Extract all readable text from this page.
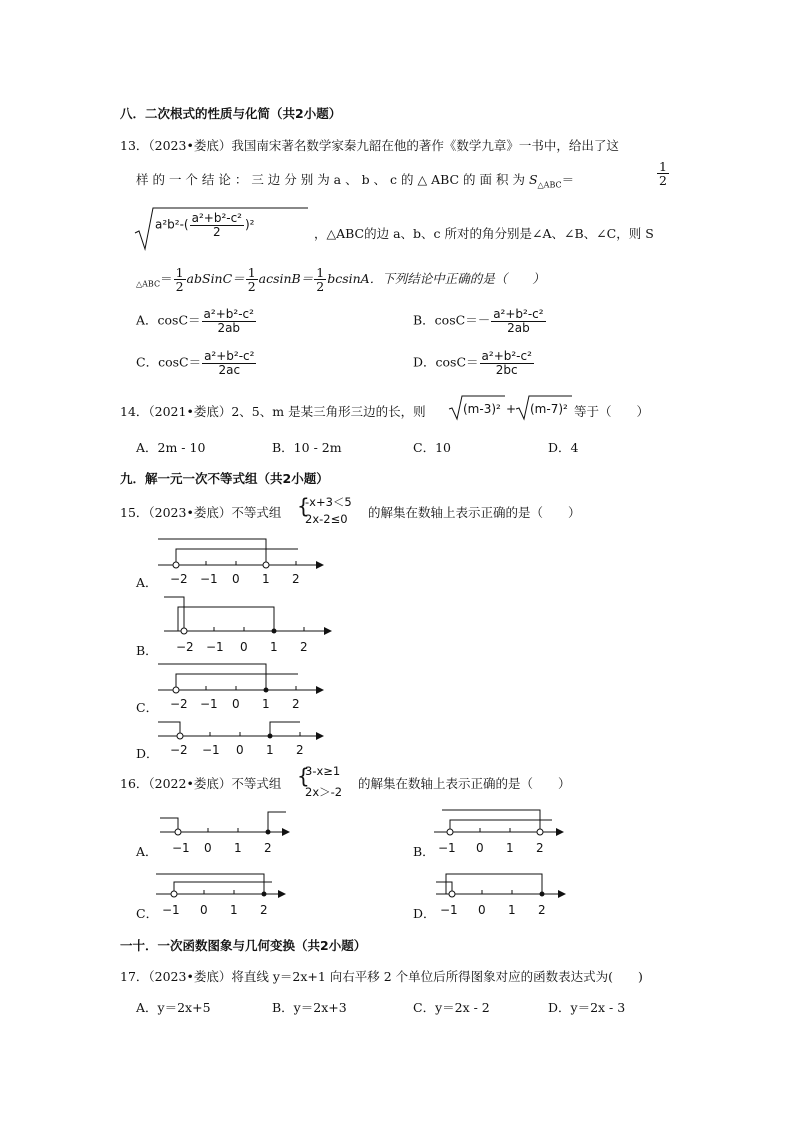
八．二次根式的性质与化简（共2小题）
13．（2023•娄底）我国南宋著名数学家秦九韶在他的著作《数学九章》一书中，给出了这
样 的 一 个 结 论 ： 三 边 分 别 为 a 、 b 、 c 的 △ ABC 的 面 积 为 $S_{\triangle ABC}=$	$\frac{1}{2}$
$a^2b^2-( \frac{\text{a²+b²-c²}}{2} )^2$
，△ABC的边 a、b、c 所对的角分别是∠A、∠B、∠C，则 S
$_{\triangle ABC}= \frac{1}{2}$ abSinC＝ $\frac{1}{2} acsinB= \frac{1}{2}$ bcsinA．下列结论中正确的是（　　）
A．$\cos C= \frac{\text{a²+b²-c²}}{2ab}$	B．$\cos C=- \frac{\text{a²+b²-c²}}{2ab}$
C．$\cos C= \frac{\text{a²+b²-c²}}{2ac}$	D．$\cos C= \frac{\text{a²+b²-c²}}{2bc}$
14．（2021•娄底）2、5、m 是某三角形三边的长，则	(m-3)² + (m-7)² 等于（　　）
A．2m - 10	B．10 - 2m	C．10	D．4
九．解一元一次不等式组（共2小题）
15．（2023•娄底）不等式组 {
-x+3＜5
2x-2≤0 的解集在数轴上表示正确的是（　　）
A． −2 −1 0 1 2
B． −2 −1 0 1 2
C． −2 −1 0 1 2
D． −2 −1 0 1 2
16．（2022•娄底）不等式组 {
3-x≥1
2x＞-2
的解集在数轴上表示正确的是（　　）
A． −1 0 1 2	B． −1 0 1 2
C． −1 0 1 2	D． −1 0 1 2
一十．一次函数图象与几何变换（共2小题）
17．（2023•娄底）将直线 y＝2x+1 向右平移 2 个单位后所得图象对应的函数表达式为(　　)
A．y＝2x+5	B．y＝2x+3	C．y＝2x - 2	D．y＝2x - 3
